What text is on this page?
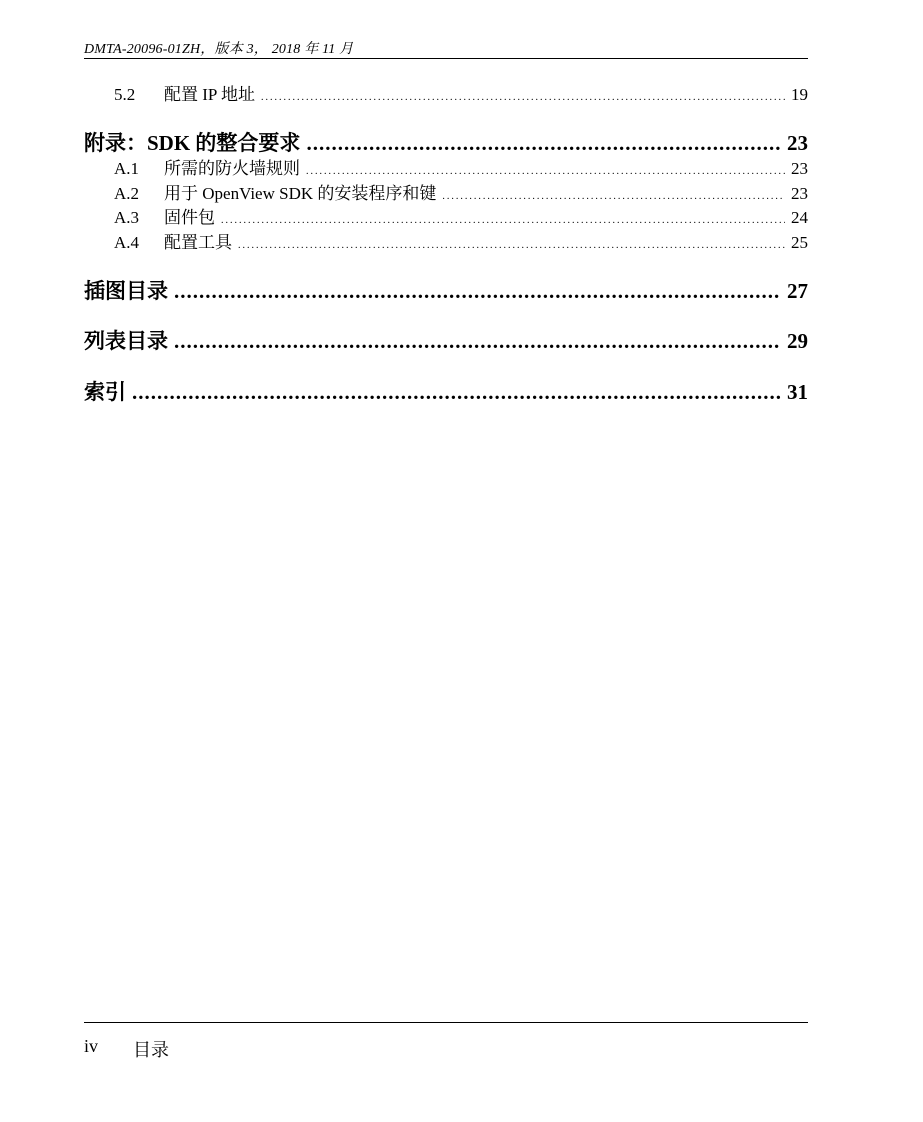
DMTA-20096-01ZH，版本 3， 2018 年 11 月
5.2	配置 IP 地址 .....	19
附录：SDK 的整合要求 .....	23
A.1	所需的防火墙规则 .....	23
A.2	用于 OpenView SDK 的安装程序和键 .....	23
A.3	固件包 .....	24
A.4	配置工具 .....	25
插图目录 .....	27
列表目录 .....	29
索引 .....	31
iv 目录
